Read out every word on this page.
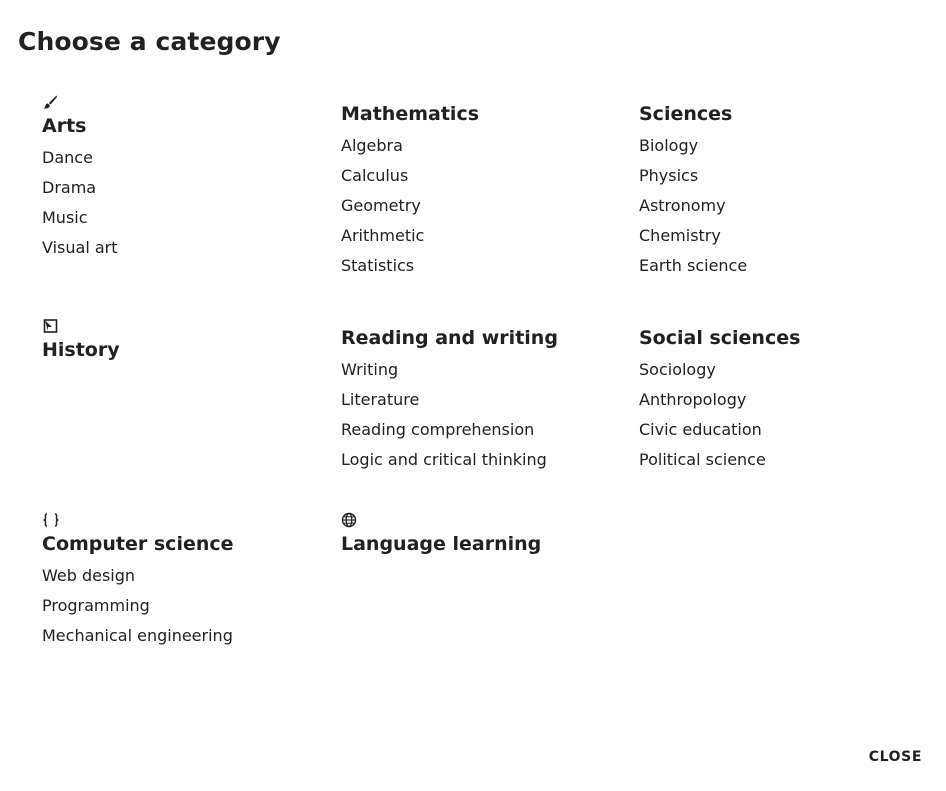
Choose a category
Arts
Dance
Drama
Music
Visual art
Mathematics
Algebra
Calculus
Geometry
Arithmetic
Statistics
Sciences
Biology
Physics
Astronomy
Chemistry
Earth science
History
Reading and writing
Writing
Literature
Reading comprehension
Logic and critical thinking
Social sciences
Sociology
Anthropology
Civic education
Political science
Computer science
Web design
Programming
Mechanical engineering
Language learning
CLOSE
